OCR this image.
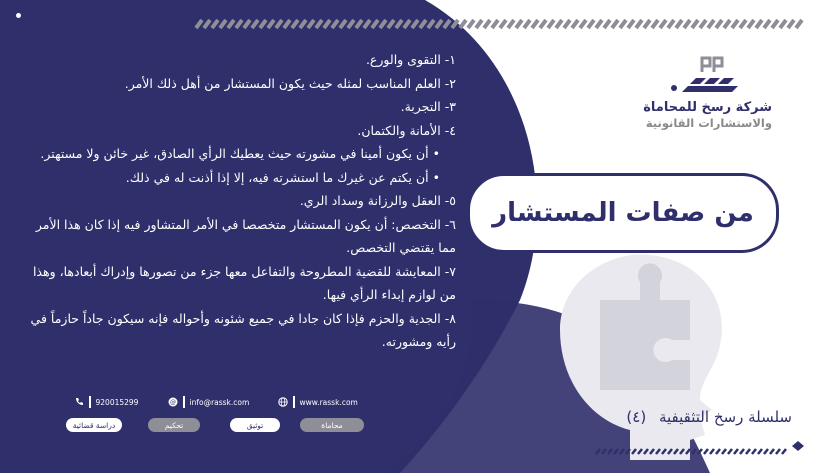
شركة رسخ للمحاماة
والاستشارات القانونية
من صفات المستشار
١- التقوى والورع.
٢- العلم المناسب لمثله حيث يكون المستشار من أهل ذلك الأمر.
٣- التجربة.
٤- الأمانة والكتمان.
• أن يكون أمينا في مشورته حيث يعطيك الرأي الصادق، غير خائن ولا مستهتر.
• أن يكتم عن غيرك ما استشرته فيه، إلا إذا أذنت له في ذلك.
٥- العقل والرزانة وسداد الري.
٦- التخصص: أن يكون المستشار متخصصا في الأمر المتشاور فيه إذا كان هذا الأمر مما يقتضي التخصص.
٧- المعايشة للقضية المطروحة والتفاعل معها جزء من تصورها وإدراك أبعادها، وهذا من لوازم إبداء الرأي فيها.
٨- الجدية والحزم فإذا كان جادا في جميع شئونه وأحواله فإنه سيكون جاداً حازماً في رأيه ومشورته.
سلسلة رسخ التثقيفية (٤)
920015299	@ info@rassk.com	www.rassk.com
دراسة قضائية	تحكيم	توثيق	محاماة
